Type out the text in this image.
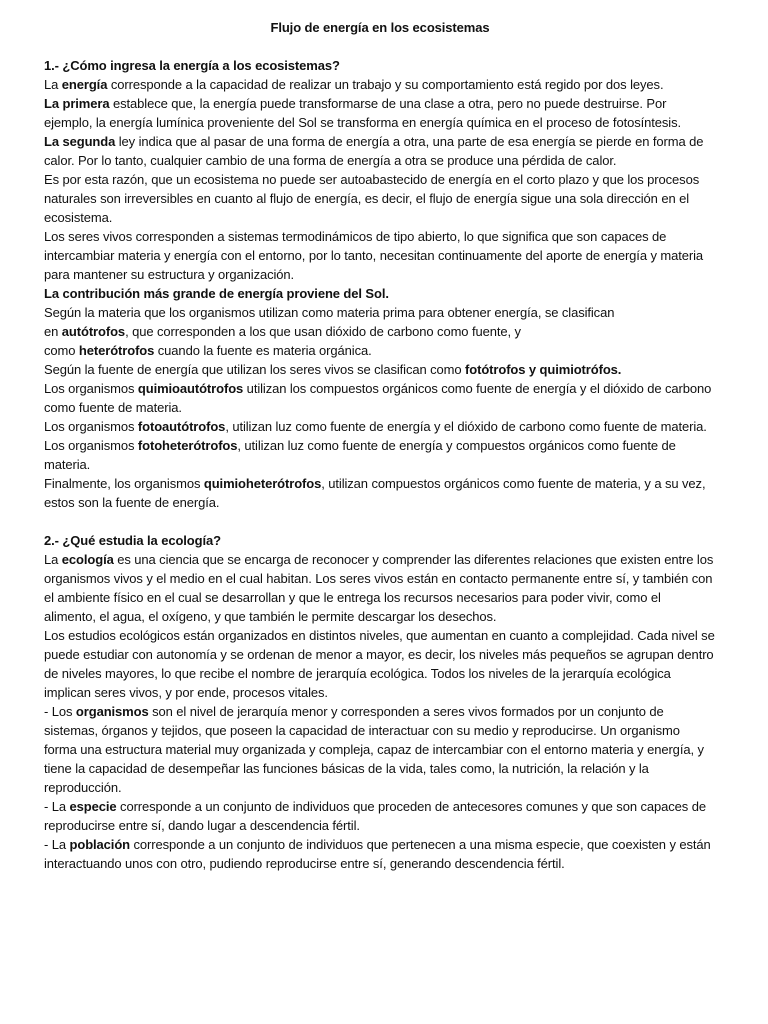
Flujo de energía en los ecosistemas

1.- ¿Cómo ingresa la energía a los ecosistemas?

La energía corresponde a la capacidad de realizar un trabajo y su comportamiento está regido por dos leyes.

La primera establece que, la energía puede transformarse de una clase a otra, pero no puede destruirse. Por ejemplo, la energía lumínica proveniente del Sol se transforma en energía química en el proceso de fotosíntesis.

La segunda ley indica que al pasar de una forma de energía a otra, una parte de esa energía se pierde en forma de calor. Por lo tanto, cualquier cambio de una forma de energía a otra se produce una pérdida de calor.

Es por esta razón, que un ecosistema no puede ser autoabastecido de energía en el corto plazo y que los procesos naturales son irreversibles en cuanto al flujo de energía, es decir, el flujo de energía sigue una sola dirección en el ecosistema.

Los seres vivos corresponden a sistemas termodinámicos de tipo abierto, lo que significa que son capaces de intercambiar materia y energía con el entorno, por lo tanto, necesitan continuamente del aporte de energía y materia para mantener su estructura y organización.

La contribución más grande de energía proviene del Sol.

Según la materia que los organismos utilizan como materia prima para obtener energía, se clasifican

en autótrofos, que corresponden a los que usan dióxido de carbono como fuente, y

como heterótrofos cuando la fuente es materia orgánica.

Según la fuente de energía que utilizan los seres vivos se clasifican como fotótrofos y quimiotrófos.

Los organismos quimioautótrofos utilizan los compuestos orgánicos como fuente de energía y el dióxido de carbono como fuente de materia.

Los organismos fotoautótrofos, utilizan luz como fuente de energía y el dióxido de carbono como fuente de materia.

Los organismos fotoheterótrofos, utilizan luz como fuente de energía y compuestos orgánicos como fuente de materia.

Finalmente, los organismos quimioheterótrofos, utilizan compuestos orgánicos como fuente de materia, y a su vez, estos son la fuente de energía.

2.- ¿Qué estudia la ecología?

La ecología es una ciencia que se encarga de reconocer y comprender las diferentes relaciones que existen entre los organismos vivos y el medio en el cual habitan. Los seres vivos están en contacto permanente entre sí, y también con el ambiente físico en el cual se desarrollan y que le entrega los recursos necesarios para poder vivir, como el alimento, el agua, el oxígeno, y que también le permite descargar los desechos.

Los estudios ecológicos están organizados en distintos niveles, que aumentan en cuanto a complejidad. Cada nivel se puede estudiar con autonomía y se ordenan de menor a mayor, es decir, los niveles más pequeños se agrupan dentro de niveles mayores, lo que recibe el nombre de jerarquía ecológica. Todos los niveles de la jerarquía ecológica implican seres vivos, y por ende, procesos vitales.

- Los organismos son el nivel de jerarquía menor y corresponden a seres vivos formados por un conjunto de sistemas, órganos y tejidos, que poseen la capacidad de interactuar con su medio y reproducirse. Un organismo forma una estructura material muy organizada y compleja, capaz de intercambiar con el entorno materia y energía, y tiene la capacidad de desempeñar las funciones básicas de la vida, tales como, la nutrición, la relación y la reproducción.

- La especie corresponde a un conjunto de individuos que proceden de antecesores comunes y que son capaces de reproducirse entre sí, dando lugar a descendencia fértil.

- La población corresponde a un conjunto de individuos que pertenecen a una misma especie, que coexisten y están interactuando unos con otro, pudiendo reproducirse entre sí, generando descendencia fértil.
